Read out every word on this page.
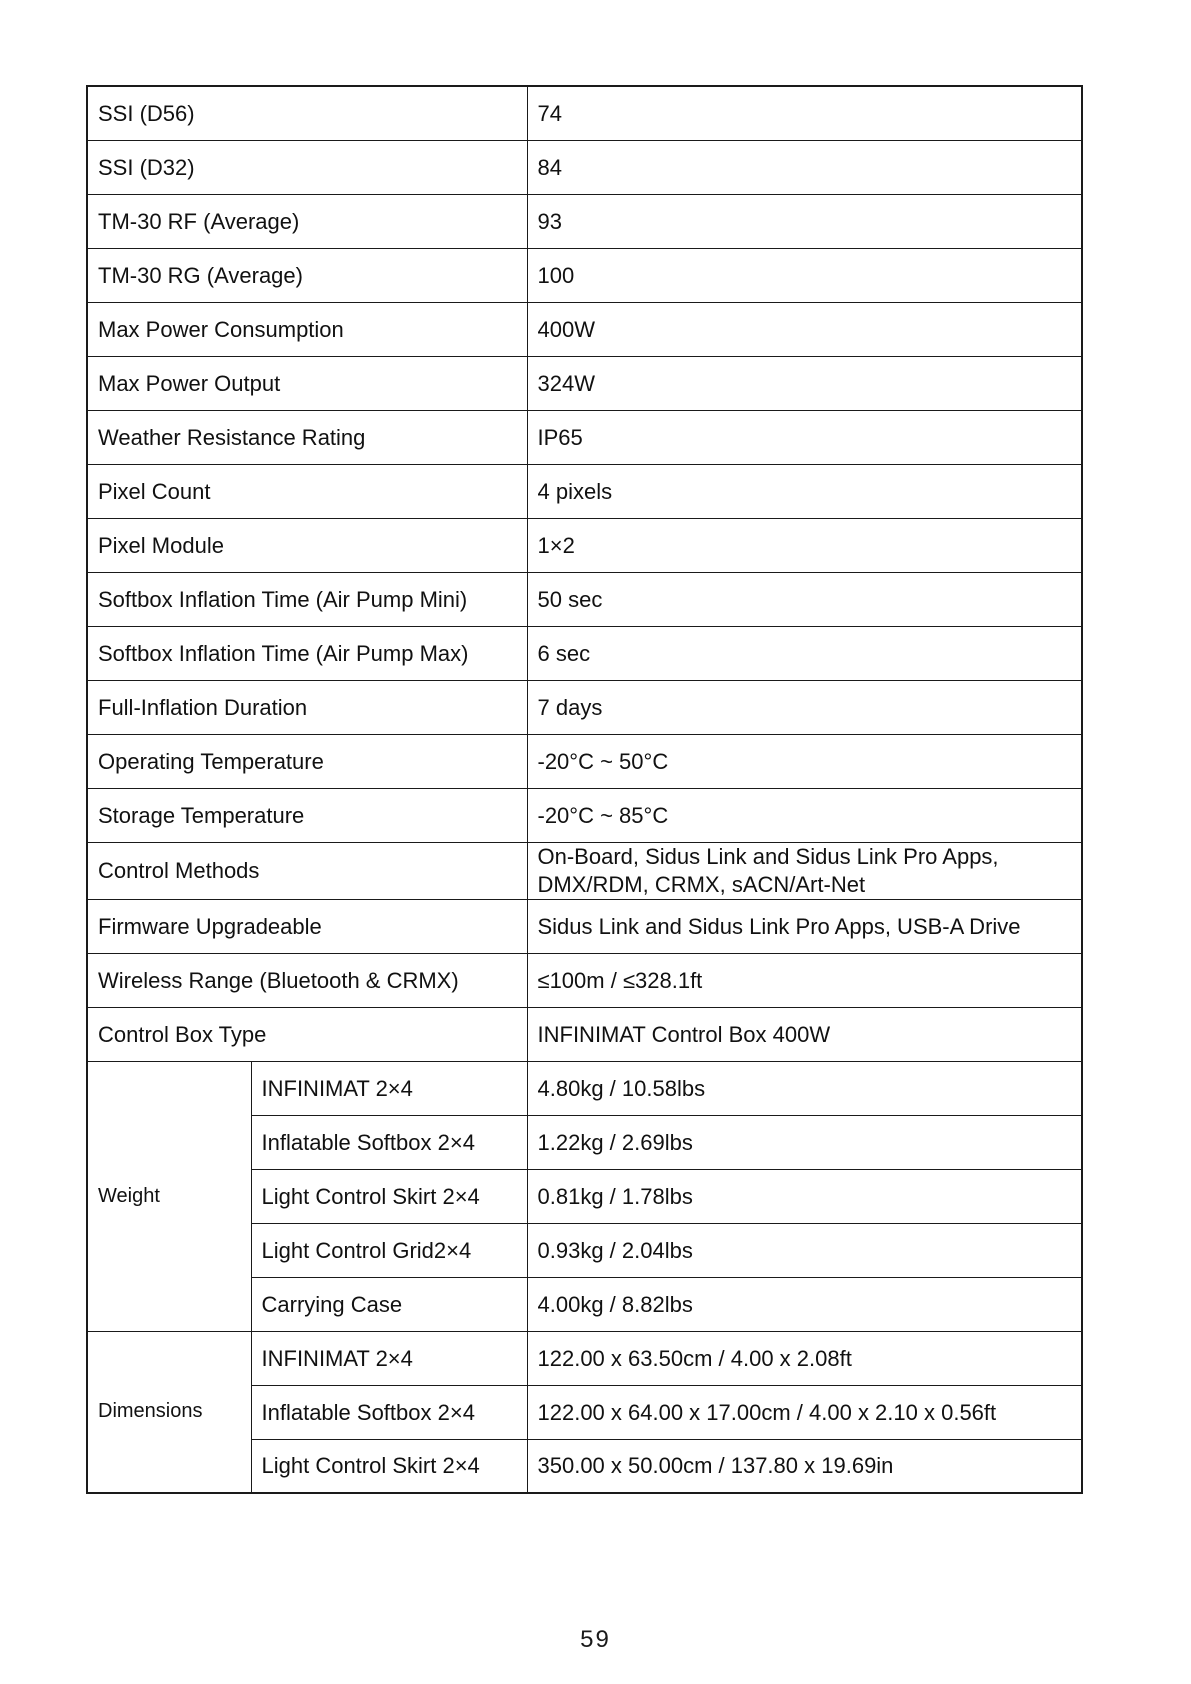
SSI (D56)		74
SSI (D32)		84
TM-30 RF (Average)		93
TM-30 RG (Average)		100
Max Power Consumption		400W
Max Power Output		324W
Weather Resistance Rating		IP65
Pixel Count		4 pixels
Pixel Module		1×2
Softbox Inflation Time (Air Pump Mini)		50 sec
Softbox Inflation Time (Air Pump Max)		6 sec
Full-Inflation Duration		7 days
Operating Temperature		-20°C ~ 50°C
Storage Temperature		-20°C ~ 85°C
Control Methods		On-Board, Sidus Link and Sidus Link Pro Apps, DMX/RDM, CRMX, sACN/Art-Net
Firmware Upgradeable		Sidus Link and Sidus Link Pro Apps, USB-A Drive
Wireless Range (Bluetooth & CRMX)		≤100m / ≤328.1ft
Control Box Type		INFINIMAT Control Box 400W
Weight	INFINIMAT 2×4	4.80kg / 10.58lbs
	Inflatable Softbox 2×4	1.22kg / 2.69lbs
	Light Control Skirt 2×4	0.81kg / 1.78lbs
	Light Control Grid2×4	0.93kg / 2.04lbs
	Carrying Case	4.00kg / 8.82lbs
Dimensions	INFINIMAT 2×4	122.00 x 63.50cm / 4.00 x 2.08ft
	Inflatable Softbox 2×4	122.00 x 64.00 x 17.00cm / 4.00 x 2.10 x 0.56ft
	Light Control Skirt 2×4	350.00 x 50.00cm / 137.80 x 19.69in
59
